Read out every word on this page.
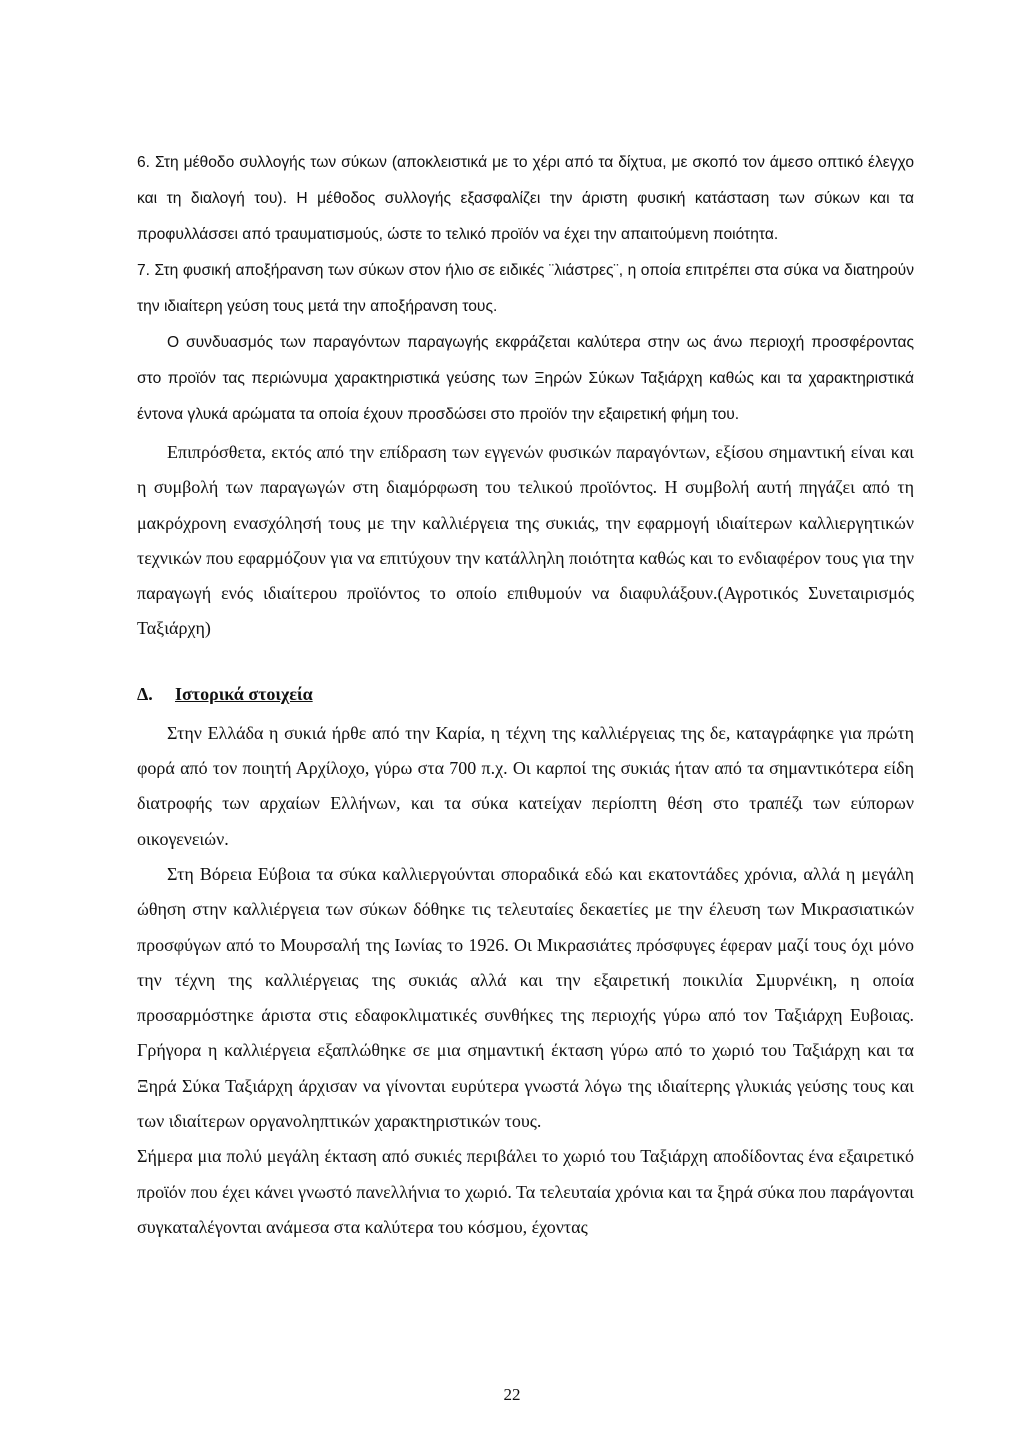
6. Στη μέθοδο συλλογής των σύκων (αποκλειστικά με το χέρι από τα δίχτυα, με σκοπό τον άμεσο οπτικό έλεγχο και τη διαλογή του). Η μέθοδος συλλογής εξασφαλίζει την άριστη φυσική κατάσταση των σύκων και τα προφυλλάσσει από τραυματισμούς, ώστε το τελικό προϊόν να έχει την απαιτούμενη ποιότητα.

7. Στη φυσική αποξήρανση των σύκων στον ήλιο σε ειδικές ¨λιάστρες¨, η οποία επιτρέπει στα σύκα να διατηρούν την ιδιαίτερη γεύση τους μετά την αποξήρανση τους.

Ο συνδυασμός των παραγόντων παραγωγής εκφράζεται καλύτερα στην ως άνω περιοχή προσφέροντας στο προϊόν τας περιώνυμα χαρακτηριστικά γεύσης των Ξηρών Σύκων Ταξιάρχη καθώς και τα χαρακτηριστικά έντονα γλυκά αρώματα τα οποία έχουν προσδώσει στο προϊόν την εξαιρετική φήμη του.

Επιπρόσθετα, εκτός από την επίδραση των εγγενών φυσικών παραγόντων, εξίσου σημαντική είναι και η συμβολή των παραγωγών στη διαμόρφωση του τελικού προϊόντος. Η συμβολή αυτή πηγάζει από τη μακρόχρονη ενασχόλησή τους με την καλλιέργεια της συκιάς, την εφαρμογή ιδιαίτερων καλλιεργητικών τεχνικών που εφαρμόζουν για να επιτύχουν την κατάλληλη ποιότητα καθώς και το ενδιαφέρον τους για την παραγωγή ενός ιδιαίτερου προϊόντος το οποίο επιθυμούν να διαφυλάξουν.(Αγροτικός Συνεταιρισμός Ταξιάρχη)

Δ. Ιστορικά στοιχεία

Στην Ελλάδα η συκιά ήρθε από την Καρία, η τέχνη της καλλιέργειας της δε, καταγράφηκε για πρώτη φορά από τον ποιητή Αρχίλοχο, γύρω στα 700 π.χ. Οι καρποί της συκιάς ήταν από τα σημαντικότερα είδη διατροφής των αρχαίων Ελλήνων, και τα σύκα κατείχαν περίοπτη θέση στο τραπέζι των εύπορων οικογενειών.

Στη Βόρεια Εύβοια τα σύκα καλλιεργούνται σποραδικά εδώ και εκατοντάδες χρόνια, αλλά η μεγάλη ώθηση στην καλλιέργεια των σύκων δόθηκε τις τελευταίες δεκαετίες με την έλευση των Μικρασιατικών προσφύγων από το Μουρσαλή της Ιωνίας το 1926. Οι Μικρασιάτες πρόσφυγες έφεραν μαζί τους όχι μόνο την τέχνη της καλλιέργειας της συκιάς αλλά και την εξαιρετική ποικιλία Σμυρνέικη, η οποία προσαρμόστηκε άριστα στις εδαφοκλιματικές συνθήκες της περιοχής γύρω από τον Ταξιάρχη Ευβοιας. Γρήγορα η καλλιέργεια εξαπλώθηκε σε μια σημαντική έκταση γύρω από το χωριό του Ταξιάρχη και τα Ξηρά Σύκα Ταξιάρχη άρχισαν να γίνονται ευρύτερα γνωστά λόγω της ιδιαίτερης γλυκιάς γεύσης τους και των ιδιαίτερων οργανοληπτικών χαρακτηριστικών τους.

Σήμερα μια πολύ μεγάλη έκταση από συκιές περιβάλει το χωριό του Ταξιάρχη αποδίδοντας ένα εξαιρετικό προϊόν που έχει κάνει γνωστό πανελλήνια το χωριό. Τα τελευταία χρόνια και τα ξηρά σύκα που παράγονται συγκαταλέγονται ανάμεσα στα καλύτερα του κόσμου, έχοντας

22
